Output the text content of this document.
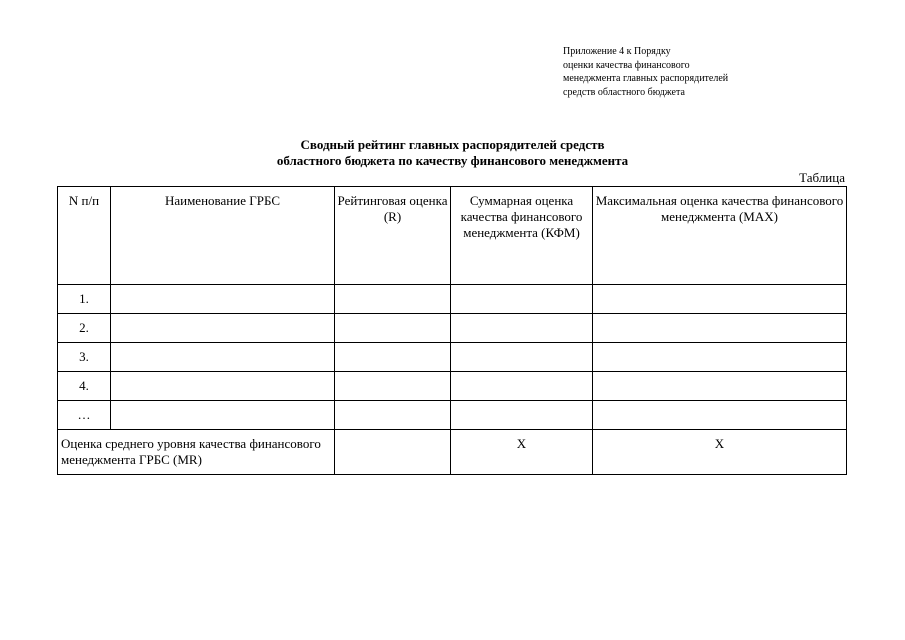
Приложение 4 к Порядку
оценки качества финансового
менеджмента главных распорядителей
средств областного бюджета
Сводный рейтинг главных распорядителей средств
областного бюджета по качеству финансового менеджмента
Таблица
N п/п	Наименование ГРБС	Рейтинговая оценка (R)	Суммарная оценка качества финансового менеджмента (КФМ)	Максимальная оценка качества финансового менеджмента (MAX)
1.				
2.				
3.				
4.				
…				
Оценка среднего уровня качества финансового менеджмента ГРБС (MR)			X	X
